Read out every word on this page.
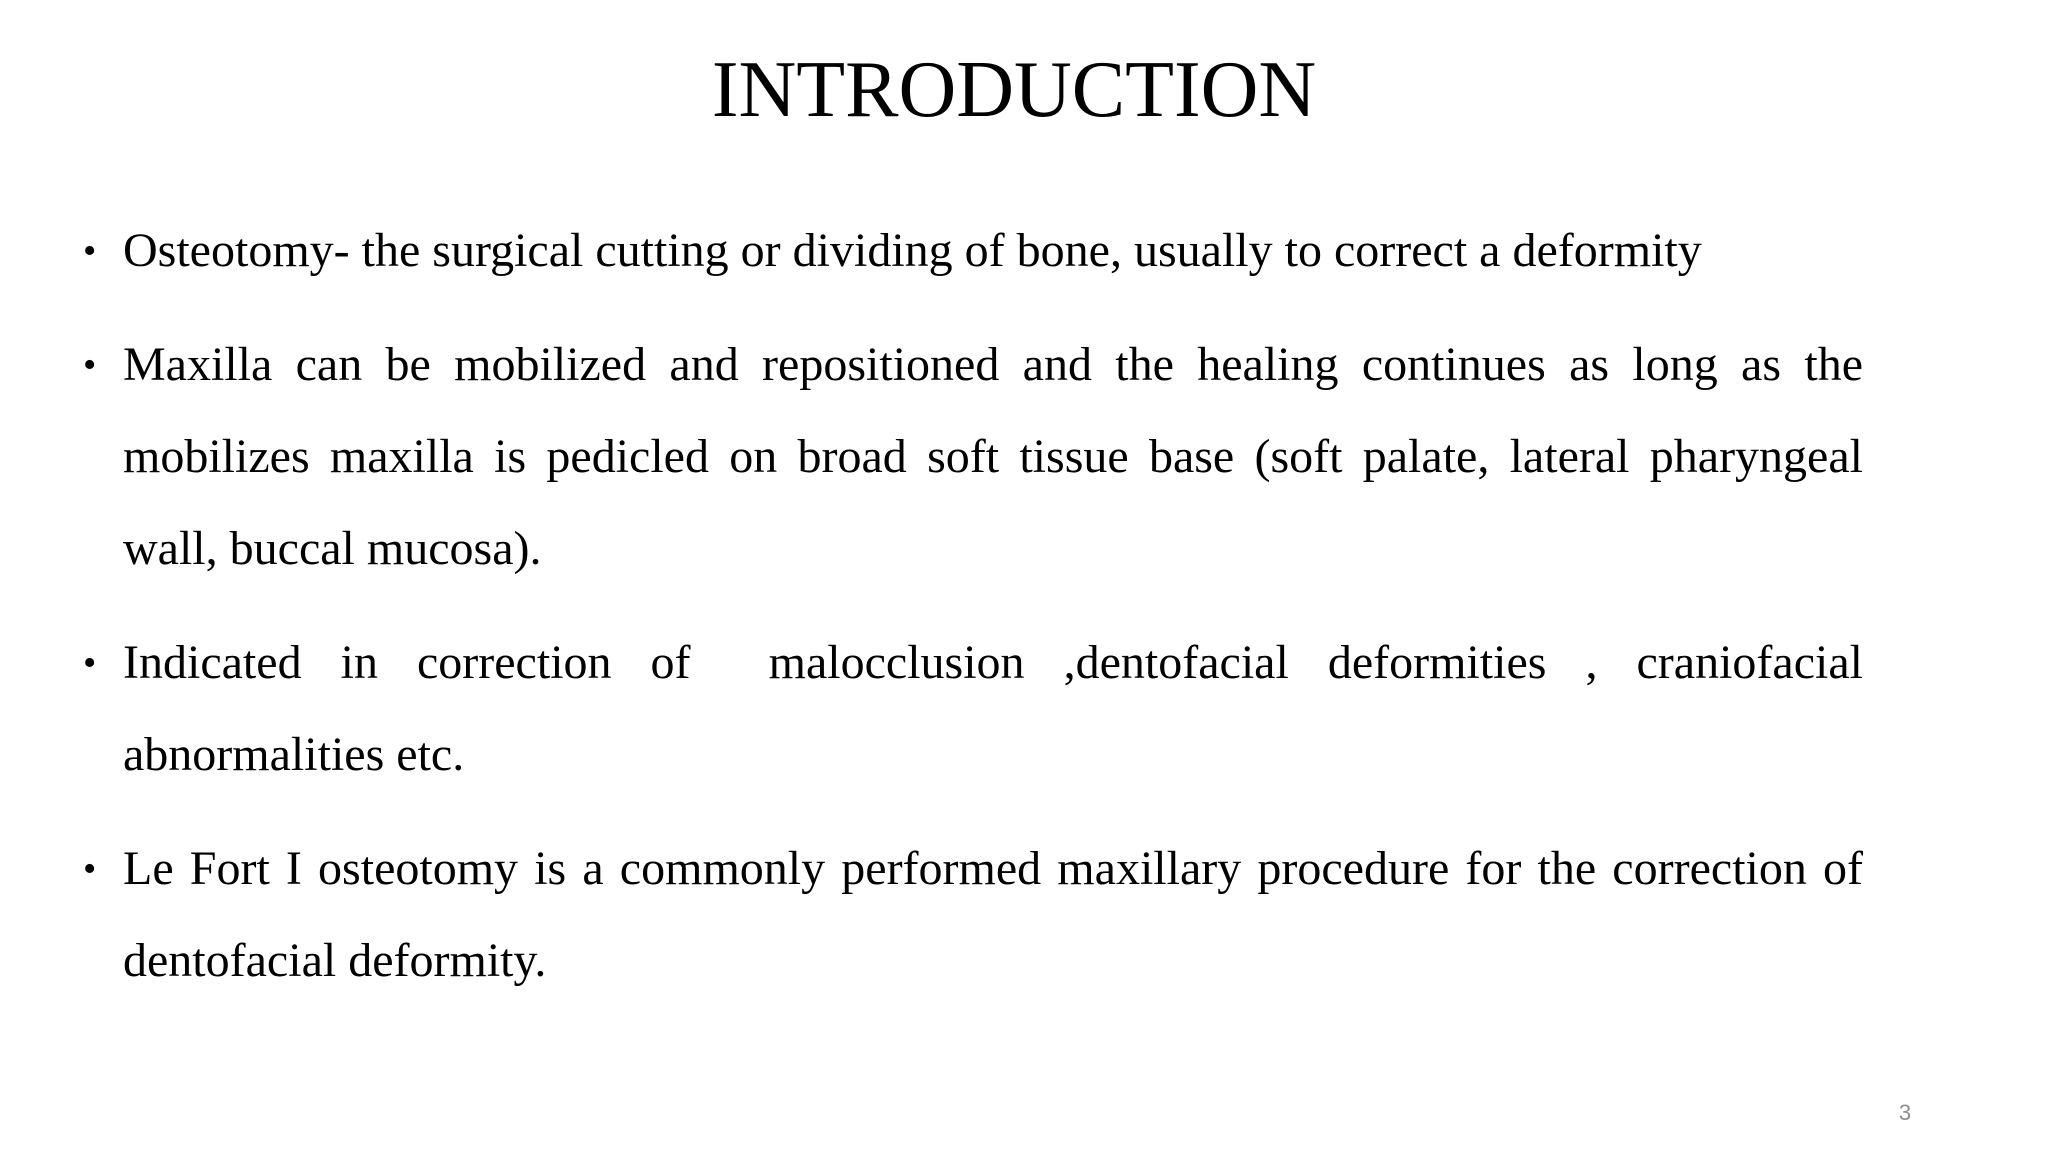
INTRODUCTION
• Osteotomy- the surgical cutting or dividing of bone, usually to correct a deformity
• Maxilla can be mobilized and repositioned and the healing continues as long as the mobilizes maxilla is pedicled on broad soft tissue base (soft palate, lateral pharyngeal wall, buccal mucosa).
• Indicated in correction of  malocclusion ,dentofacial deformities , craniofacial abnormalities etc.
• Le Fort I osteotomy is a commonly performed maxillary procedure for the correction of dentofacial deformity.
3
